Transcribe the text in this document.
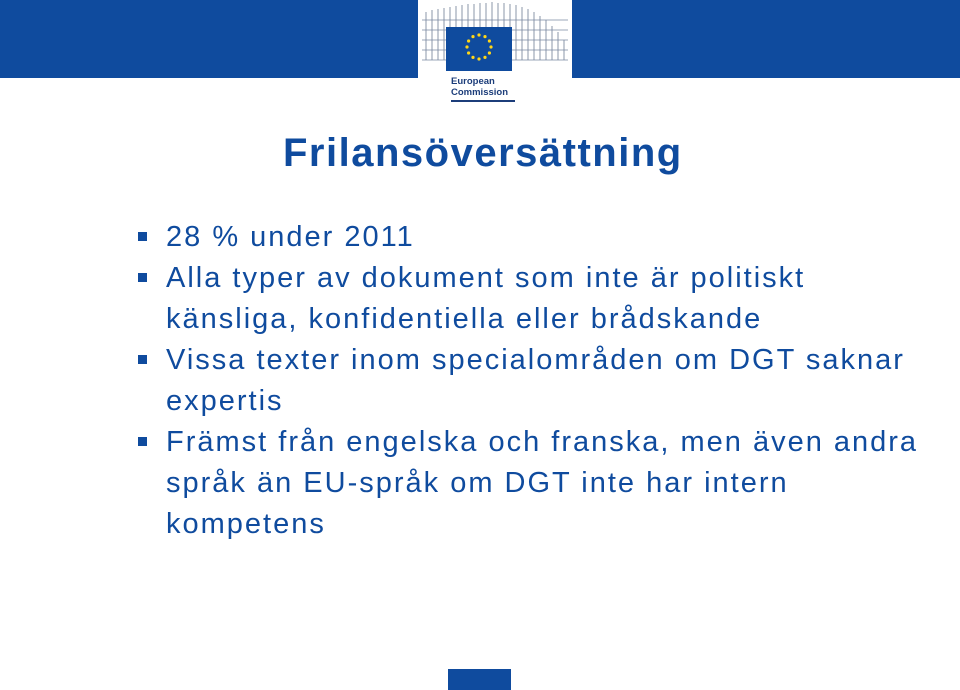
European
Commission
Frilansöversättning
28 % under 2011
Alla typer av dokument som inte är politiskt känsliga, konfidentiella eller brådskande
Vissa texter inom specialområden om DGT saknar expertis
Främst från engelska och franska, men även andra språk än EU-språk om DGT inte har intern kompetens
